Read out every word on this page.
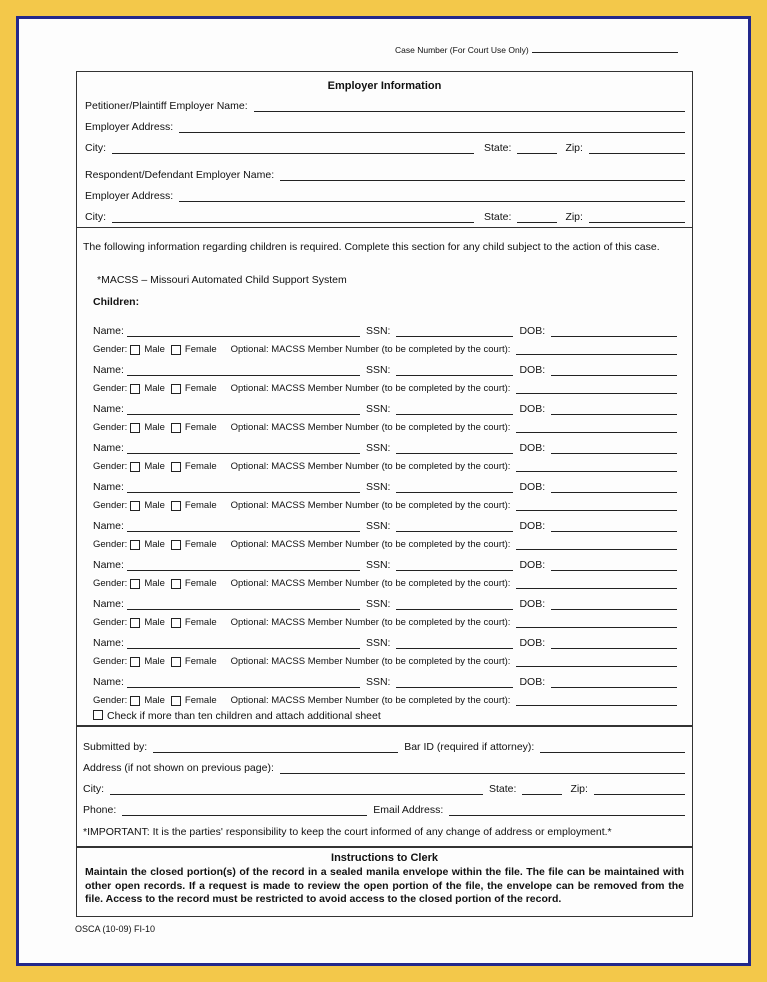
Case Number (For Court Use Only)
Employer Information
Petitioner/Plaintiff Employer Name:
Employer Address:
City:	State:	Zip:
Respondent/Defendant Employer Name:
Employer Address:
City:	State:	Zip:
The following information regarding children is required. Complete this section for any child subject to the action of this case.
*MACSS – Missouri Automated Child Support System
Children:
Name:	SSN:	DOB:
Gender: Male Female Optional: MACSS Member Number (to be completed by the court):
Name:	SSN:	DOB:
Gender: Male Female Optional: MACSS Member Number (to be completed by the court):
Name:	SSN:	DOB:
Gender: Male Female Optional: MACSS Member Number (to be completed by the court):
Name:	SSN:	DOB:
Gender: Male Female Optional: MACSS Member Number (to be completed by the court):
Name:	SSN:	DOB:
Gender: Male Female Optional: MACSS Member Number (to be completed by the court):
Name:	SSN:	DOB:
Gender: Male Female Optional: MACSS Member Number (to be completed by the court):
Name:	SSN:	DOB:
Gender: Male Female Optional: MACSS Member Number (to be completed by the court):
Name:	SSN:	DOB:
Gender: Male Female Optional: MACSS Member Number (to be completed by the court):
Name:	SSN:	DOB:
Gender: Male Female Optional: MACSS Member Number (to be completed by the court):
Name:	SSN:	DOB:
Gender: Male Female Optional: MACSS Member Number (to be completed by the court):
Check if more than ten children and attach additional sheet
Submitted by:	Bar ID (required if attorney):
Address (if not shown on previous page):
City:	State:	Zip:
Phone:	Email Address:
*IMPORTANT: It is the parties' responsibility to keep the court informed of any change of address or employment.*
Instructions to Clerk
Maintain the closed portion(s) of the record in a sealed manila envelope within the file. The file can be maintained with other open records. If a request is made to review the open portion of the file, the envelope can be removed from the file. Access to the record must be restricted to avoid access to the closed portion of the record.
OSCA (10-09) FI-10
